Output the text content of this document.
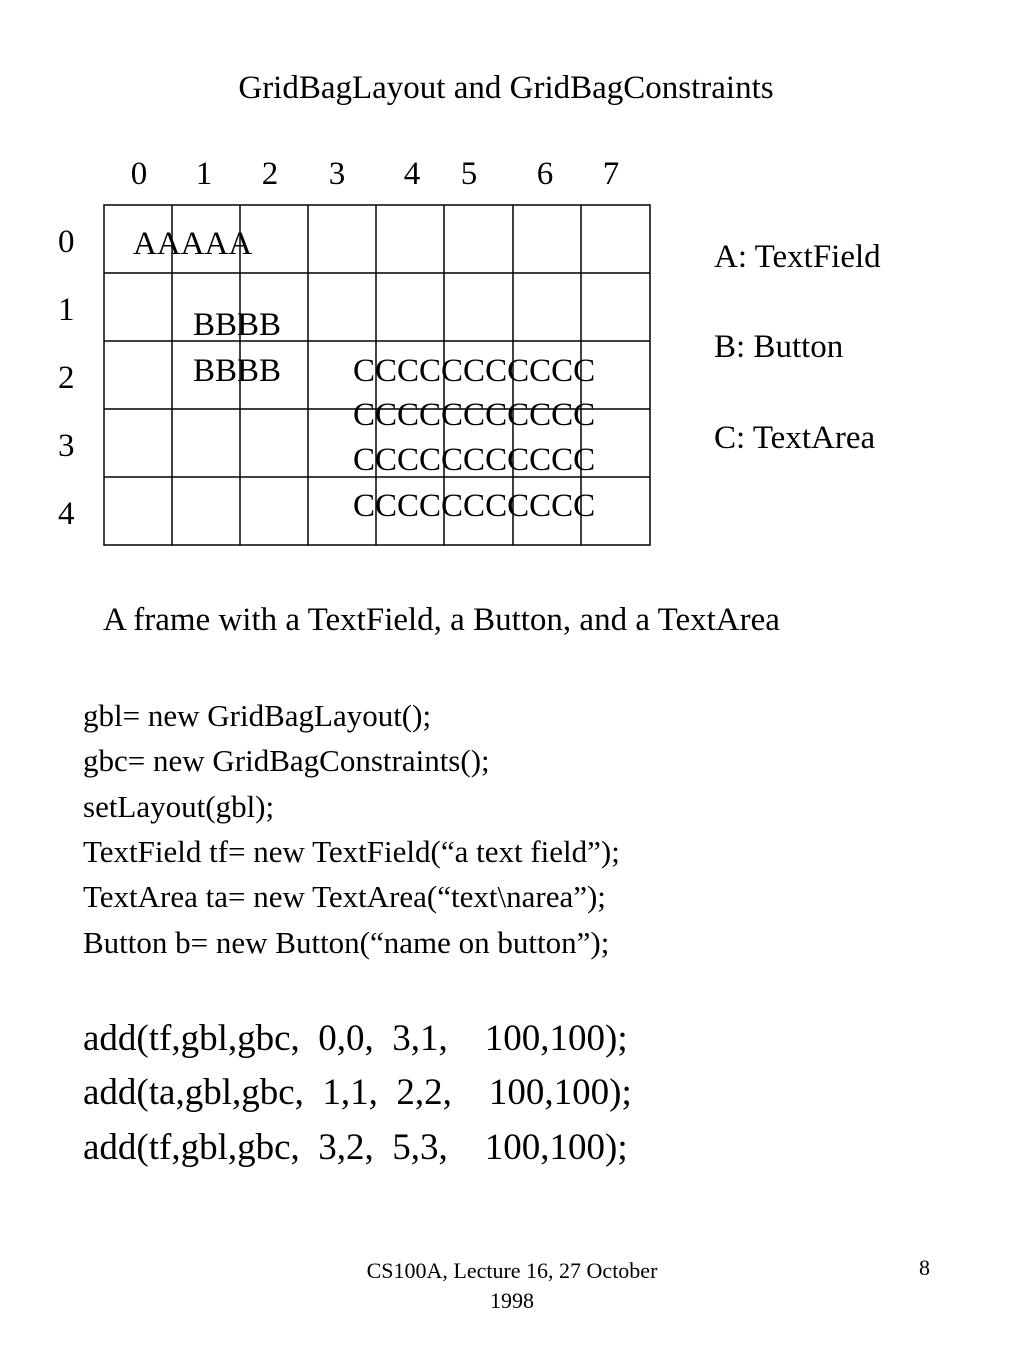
GridBagLayout and GridBagConstraints
0 1 2 3 4 5 6 7
0
1
2
3
4
AAAAA
BBBB
BBBB CCCCCCCCCCC
CCCCCCCCCCC
CCCCCCCCCCC
CCCCCCCCCCC
A: TextField
B: Button
C: TextArea
A frame with a TextField, a Button, and a TextArea
gbl= new GridBagLayout();
gbc= new GridBagConstraints();
setLayout(gbl);
TextField tf= new TextField(“a text field”);
TextArea ta= new TextArea(“text\narea”);
Button b= new Button(“name on button”);
add(tf,gbl,gbc,  0,0,  3,1,    100,100);
add(ta,gbl,gbc,  1,1,  2,2,    100,100);
add(tf,gbl,gbc,  3,2,  5,3,    100,100);
CS100A, Lecture 16, 27 October 1998
8
